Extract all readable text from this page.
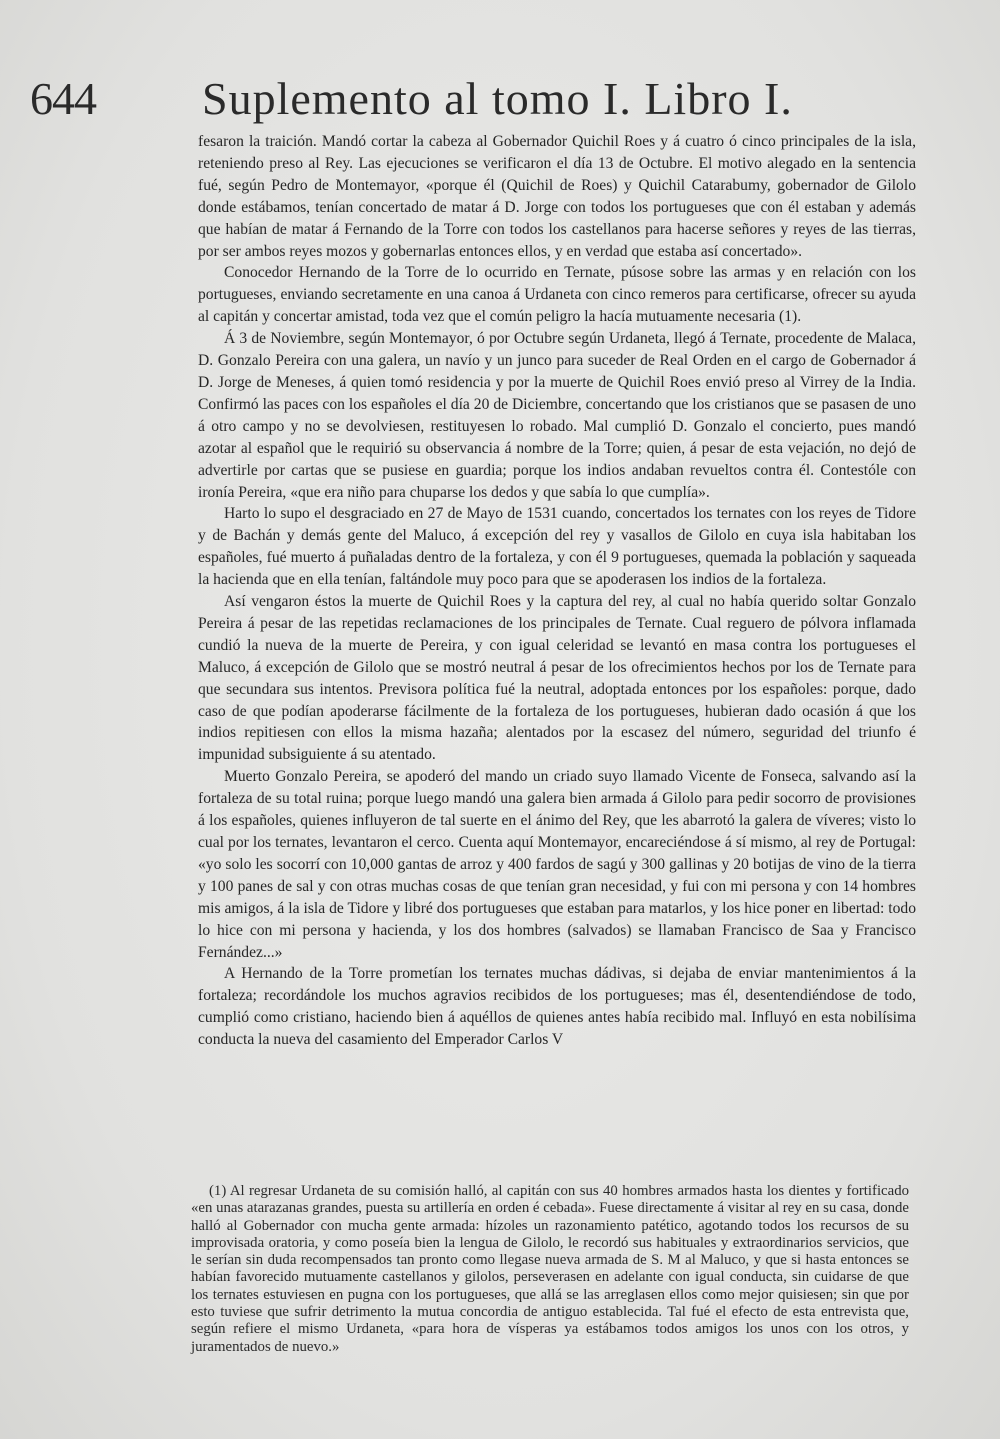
644 Suplemento al tomo I. Libro I.

fesaron la traición. Mandó cortar la cabeza al Gobernador Quichil Roes y á cuatro ó cinco principales de la isla, reteniendo preso al Rey. Las ejecuciones se verificaron el día 13 de Octubre. El motivo alegado en la sentencia fué, según Pedro de Montemayor, «porque él (Quichil de Roes) y Quichil Catarabumy, gobernador de Gilolo donde estábamos, tenían concertado de matar á D. Jorge con todos los portugueses que con él estaban y además que habían de matar á Fernando de la Torre con todos los castellanos para hacerse señores y reyes de las tierras, por ser ambos reyes mozos y gobernarlas entonces ellos, y en verdad que estaba así concertado».

Conocedor Hernando de la Torre de lo ocurrido en Ternate, púsose sobre las armas y en relación con los portugueses, enviando secretamente en una canoa á Urdaneta con cinco remeros para certificarse, ofrecer su ayuda al capitán y concertar amistad, toda vez que el común peligro la hacía mutuamente necesaria (1).

Á 3 de Noviembre, según Montemayor, ó por Octubre según Urdaneta, llegó á Ternate, procedente de Malaca, D. Gonzalo Pereira con una galera, un navío y un junco para suceder de Real Orden en el cargo de Gobernador á D. Jorge de Meneses, á quien tomó residencia y por la muerte de Quichil Roes envió preso al Virrey de la India. Confirmó las paces con los españoles el día 20 de Diciembre, concertando que los cristianos que se pasasen de uno á otro campo y no se devolviesen, restituyesen lo robado. Mal cumplió D. Gonzalo el concierto, pues mandó azotar al español que le requirió su observancia á nombre de la Torre; quien, á pesar de esta vejación, no dejó de advertirle por cartas que se pusiese en guardia; porque los indios andaban revueltos contra él. Contestóle con ironía Pereira, «que era niño para chuparse los dedos y que sabía lo que cumplía».

Harto lo supo el desgraciado en 27 de Mayo de 1531 cuando, concertados los ternates con los reyes de Tidore y de Bachán y demás gente del Maluco, á excepción del rey y vasallos de Gilolo en cuya isla habitaban los españoles, fué muerto á puñaladas dentro de la fortaleza, y con él 9 portugueses, quemada la población y saqueada la hacienda que en ella tenían, faltándole muy poco para que se apoderasen los indios de la fortaleza.

Así vengaron éstos la muerte de Quichil Roes y la captura del rey, al cual no había querido soltar Gonzalo Pereira á pesar de las repetidas reclamaciones de los principales de Ternate. Cual reguero de pólvora inflamada cundió la nueva de la muerte de Pereira, y con igual celeridad se levantó en masa contra los portugueses el Maluco, á excepción de Gilolo que se mostró neutral á pesar de los ofrecimientos hechos por los de Ternate para que secundara sus intentos. Previsora política fué la neutral, adoptada entonces por los españoles: porque, dado caso de que podían apoderarse fácilmente de la fortaleza de los portugueses, hubieran dado ocasión á que los indios repitiesen con ellos la misma hazaña; alentados por la escasez del número, seguridad del triunfo é impunidad subsiguiente á su atentado.

Muerto Gonzalo Pereira, se apoderó del mando un criado suyo llamado Vicente de Fonseca, salvando así la fortaleza de su total ruina; porque luego mandó una galera bien armada á Gilolo para pedir socorro de provisiones á los españoles, quienes influyeron de tal suerte en el ánimo del Rey, que les abarrotó la galera de víveres; visto lo cual por los ternates, levantaron el cerco. Cuenta aquí Montemayor, encareciéndose á sí mismo, al rey de Portugal: «yo solo les socorrí con 10,000 gantas de arroz y 400 fardos de sagú y 300 gallinas y 20 botijas de vino de la tierra y 100 panes de sal y con otras muchas cosas de que tenían gran necesidad, y fui con mi persona y con 14 hombres mis amigos, á la isla de Tidore y libré dos portugueses que estaban para matarlos, y los hice poner en libertad: todo lo hice con mi persona y hacienda, y los dos hombres (salvados) se llamaban Francisco de Saa y Francisco Fernández...»

A Hernando de la Torre prometían los ternates muchas dádivas, si dejaba de enviar mantenimientos á la fortaleza; recordándole los muchos agravios recibidos de los portugueses; mas él, desentendiéndose de todo, cumplió como cristiano, haciendo bien á aquéllos de quienes antes había recibido mal. Influyó en esta nobilísima conducta la nueva del casamiento del Emperador Carlos V

(1) Al regresar Urdaneta de su comisión halló, al capitán con sus 40 hombres armados hasta los dientes y fortificado «en unas atarazanas grandes, puesta su artillería en orden é cebada». Fuese directamente á visitar al rey en su casa, donde halló al Gobernador con mucha gente armada: hízoles un razonamiento patético, agotando todos los recursos de su improvisada oratoria, y como poseía bien la lengua de Gilolo, le recordó sus habituales y extraordinarios servicios, que le serían sin duda recompensados tan pronto como llegase nueva armada de S. M al Maluco, y que si hasta entonces se habían favorecido mutuamente castellanos y gilolos, perseverasen en adelante con igual conducta, sin cuidarse de que los ternates estuviesen en pugna con los portugueses, que allá se las arreglasen ellos como mejor quisiesen; sin que por esto tuviese que sufrir detrimento la mutua concordia de antiguo establecida. Tal fué el efecto de esta entrevista que, según refiere el mismo Urdaneta, «para hora de vísperas ya estábamos todos amigos los unos con los otros, y juramentados de nuevo.»
